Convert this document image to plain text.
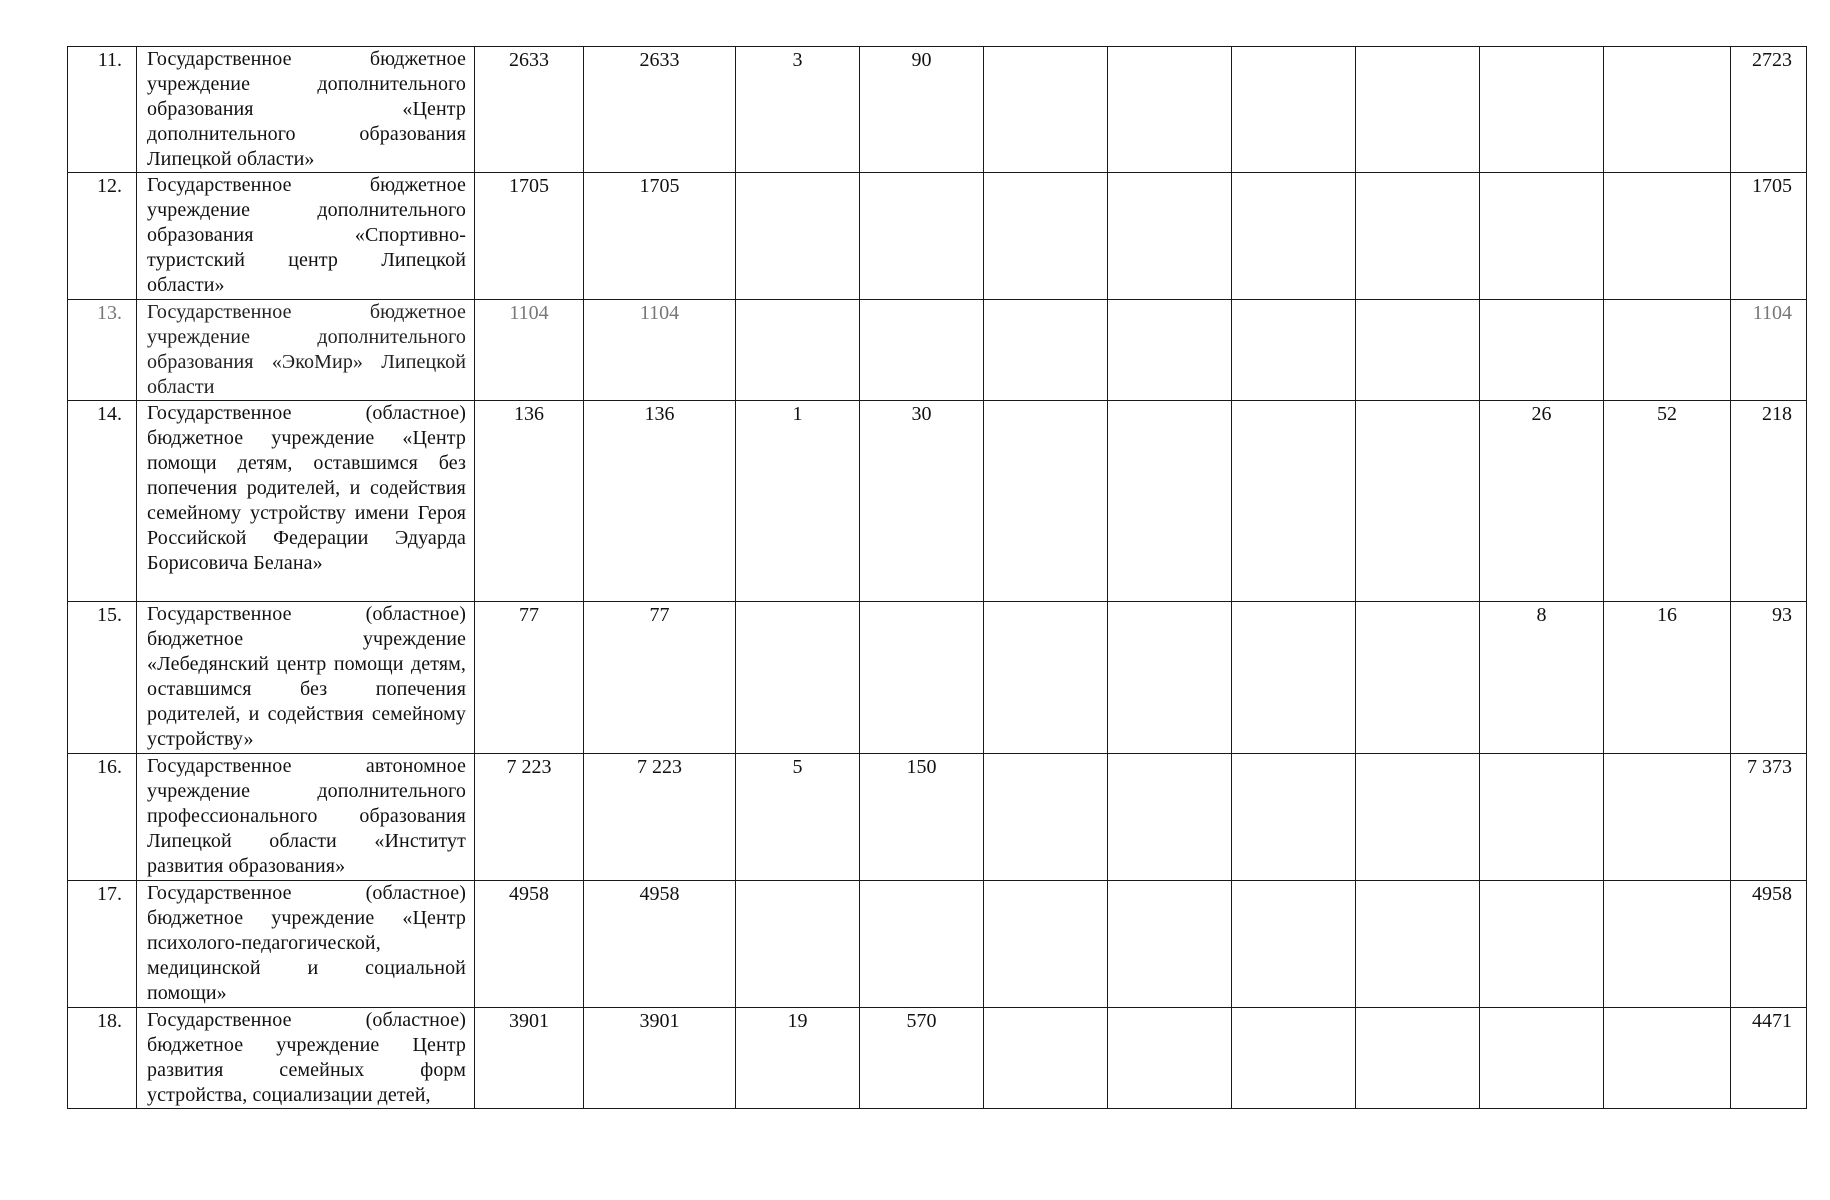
11.	Государственное бюджетное учреждение дополнительного образования «Центр дополнительного образования Липецкой области»	2633	2633	3	90							2723
12.	Государственное бюджетное учреждение дополнительного образования «Спортивно-туристский центр Липецкой области»	1705	1705									1705
13.	Государственное бюджетное учреждение дополнительного образования «ЭкоМир» Липецкой области	1104	1104									1104
14.	Государственное (областное) бюджетное учреждение «Центр помощи детям, оставшимся без попечения родителей, и содействия семейному устройству имени Героя Российской Федерации Эдуарда Борисовича Белана»	136	136	1	30					26	52	218
15.	Государственное (областное) бюджетное учреждение «Лебедянский центр помощи детям, оставшимся без попечения родителей, и содействия семейному устройству»	77	77							8	16	93
16.	Государственное автономное учреждение дополнительного профессионального образования Липецкой области «Институт развития образования»	7 223	7 223	5	150							7 373
17.	Государственное (областное) бюджетное учреждение «Центр психолого-педагогической, медицинской и социальной помощи»	4958	4958									4958
18.	Государственное (областное) бюджетное учреждение Центр развития семейных форм устройства, социализации детей,	3901	3901	19	570							4471
